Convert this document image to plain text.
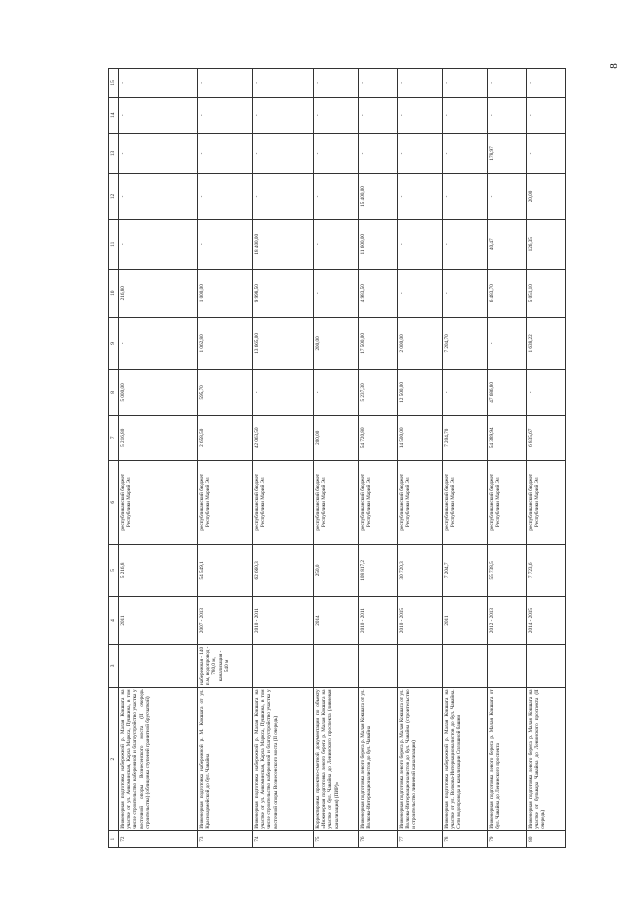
8
1	2	3	4	5	6	7	8	9	10	11	12	13	14	15
72	Инженерная подготовка набережной р. Малая Кокшага на участке от ул. Анкоминская, Карла Маркса, Пушкина, в том числе строительство набережной и благоустройство участка у восточной опоры Вознесенского моста (II очередь строительства) (облицовка ступеней гранитной брусчаткой)		2011	5 216,8	республиканский бюджет Республики Марий Эл	5 216,80	5 000,00	-	216,80	-	-	-	-	-
73	Инженерная подготовка набережной р. М. Кокшага от ул. Красноармейской до бул. Чавайна	набережная - 140 п.м, водопровод - 780,0 м, канализация - 540 м	2007 - 2013	54 549,1	республиканский бюджет Республики Марий Эл	2 658,50	595,70	1 062,80	1 000,00	-	-	-	-	-
74	Инженерная подготовка набережной р. Малая Кокшага на участке от ул. Анкоминская, Карла Маркса, Пушкина, в том числе строительство набережной и благоустройство участка у восточной опоры Вознесенского моста (II очередь)		2010 - 2011	62 660,3	республиканский бюджет Республики Марий Эл	42 063,50	-	13 665,00	9 998,50	18 400,00	-	-	-	-
75	Корректировка проектно-сметной документации по объекту «Инженерная подготовка левого берега р. Малая Кокшага на участке от бул. Чавайна до Ленинского проспекта (ливневая канализация) (ПИР)»		2014	250,0	республиканский бюджет Республики Марий Эл	200,00	-	200,00	-	-	-	-	-	-
76	Инженерная подготовка левого берега р. Малая Кокшага от ул. Волкова-Интернационалистов до бул. Чавайна		2010 - 2011	108 817,2	республиканский бюджет Республики Марий Эл	54 720,80	5 237,30	17 500,00	4 983,50	11 600,00	15 400,00	-	-	-
77	Инженерная подготовка левого берега р. Малая Кокшага от ул. Волкова-Интернационалистов до бул. Чавайна (строительство и строительство ливневой канализации)		2010 - 2015	30 720,3	республиканский бюджет Республики Марий Эл	14 500,00	12 500,00	2 000,00	-	-	-	-	-	-
78	Инженерная подготовка набережной р. Малая Кокшага на участке от ул. Волкова-Интернационалистов до бул. Чавайна. Сети водопровода и канализации Сплошной башни		2011	7 204,7	республиканский бюджет Республики Марий Эл	7 204,70	-	7 204,70	-	-	-	-	-	-
79	Инженерная подготовка левого берега р. Малая Кокшага от бул. Чавайна до Ленинского проспекта		2012 - 2013	55 738,5	республиканский бюджет Республики Марий Эл	54 389,94	47 686,80	-	6 483,70	40,47	-	178,97	-	-
80	Инженерная подготовка левого берега р. Малая Кокшага на участке от бульвара Чавайна до Ленинского проспекта (II очередь)		2014 - 2015	7 723,6	республиканский бюджет Республики Марий Эл	6 835,67	-	1 638,22	5 051,10	126,35	20,00	-	-	-
